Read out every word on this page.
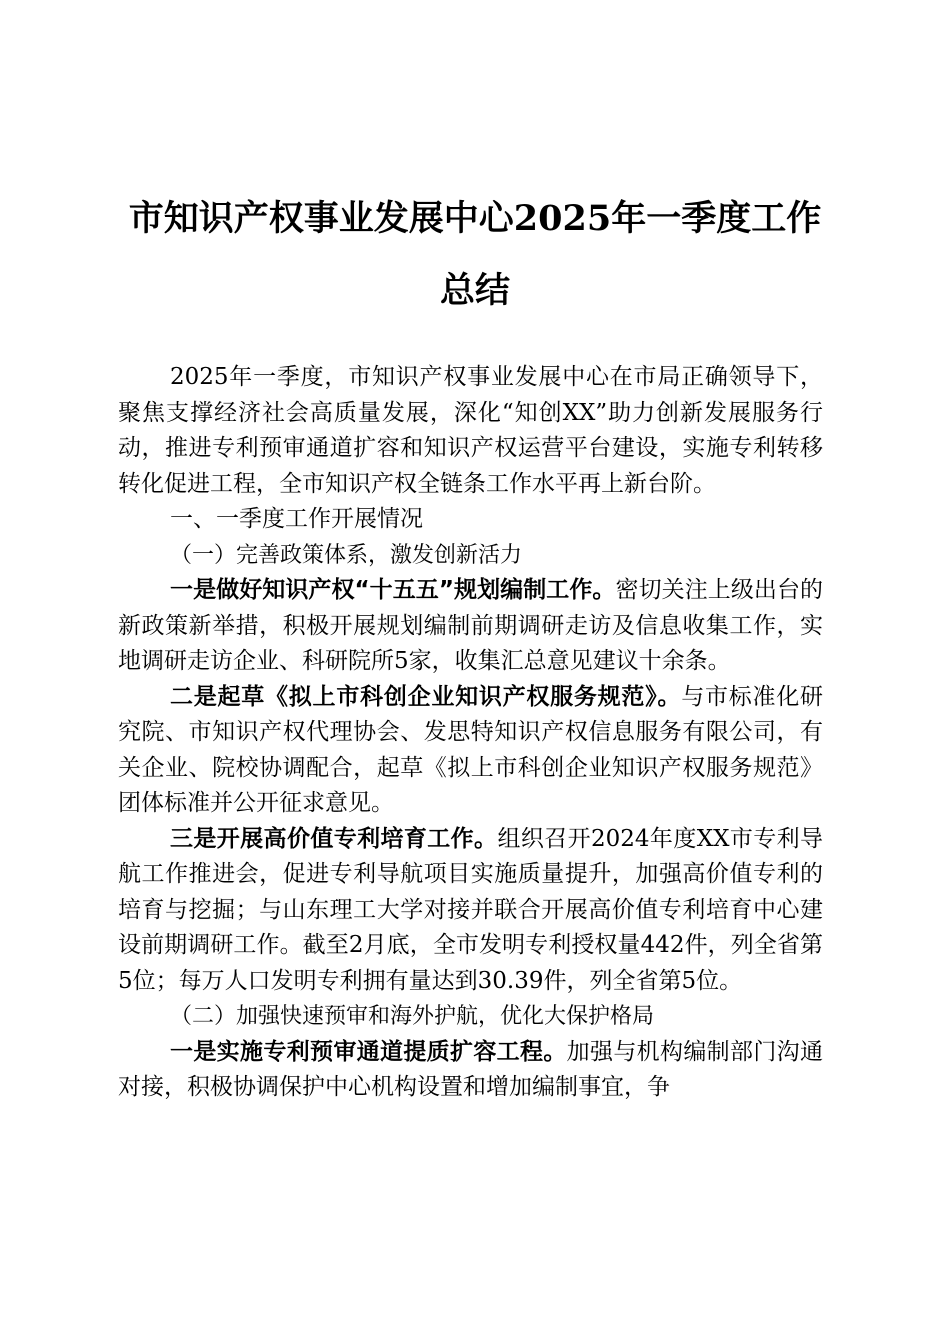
市知识产权事业发展中心2025年一季度工作
总结

2025年一季度，市知识产权事业发展中心在市局正确领导下，聚焦支撑经济社会高质量发展，深化“知创XX”助力创新发展服务行动，推进专利预审通道扩容和知识产权运营平台建设，实施专利转移转化促进工程，全市知识产权全链条工作水平再上新台阶。

一、一季度工作开展情况

（一）完善政策体系，激发创新活力

一是做好知识产权“十五五”规划编制工作。密切关注上级出台的新政策新举措，积极开展规划编制前期调研走访及信息收集工作，实地调研走访企业、科研院所5家，收集汇总意见建议十余条。

二是起草《拟上市科创企业知识产权服务规范》。与市标准化研究院、市知识产权代理协会、发思特知识产权信息服务有限公司，有关企业、院校协调配合，起草《拟上市科创企业知识产权服务规范》团体标准并公开征求意见。

三是开展高价值专利培育工作。组织召开2024年度XX市专利导航工作推进会，促进专利导航项目实施质量提升，加强高价值专利的培育与挖掘；与山东理工大学对接并联合开展高价值专利培育中心建设前期调研工作。截至2月底，全市发明专利授权量442件，列全省第5位；每万人口发明专利拥有量达到30.39件，列全省第5位。

（二）加强快速预审和海外护航，优化大保护格局

一是实施专利预审通道提质扩容工程。加强与机构编制部门沟通对接，积极协调保护中心机构设置和增加编制事宜，争
